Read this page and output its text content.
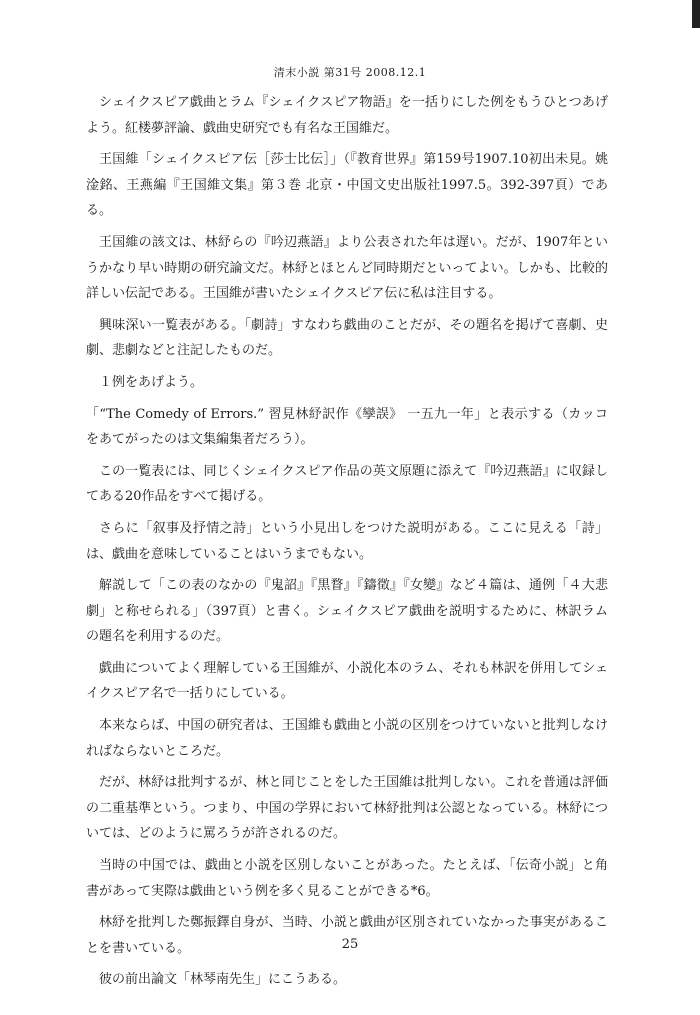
清末小説 第31号 2008.12.1

シェイクスピア戯曲とラム『シェイクスピア物語』を一括りにした例をもうひとつあげよう。紅楼夢評論、戯曲史研究でも有名な王国維だ。

王国維「シェイクスピア伝［莎士比伝］」（『教育世界』第159号1907.10初出未見。姚淦銘、王燕編『王国維文集』第３巻 北京・中国文史出版社1997.5。392-397頁）である。

王国維の該文は、林紓らの『吟辺燕語』より公表された年は遅い。だが、1907年というかなり早い時期の研究論文だ。林紓とほとんど同時期だといってよい。しかも、比較的詳しい伝記である。王国維が書いたシェイクスピア伝に私は注目する。

興味深い一覧表がある。「劇詩」すなわち戯曲のことだが、その題名を掲げて喜劇、史劇、悲劇などと注記したものだ。

１例をあげよう。

「“The Comedy of Errors.” 習見林紓訳作《孿誤》 一五九一年」と表示する（カッコをあてがったのは文集編集者だろう）。

この一覧表には、同じくシェイクスピア作品の英文原題に添えて『吟辺燕語』に収録してある20作品をすべて掲げる。

さらに「叙事及抒情之詩」という小見出しをつけた説明がある。ここに見える「詩」は、戯曲を意味していることはいうまでもない。

解説して「この表のなかの『鬼詔』『黒瞀』『鑄徵』『女變』など４篇は、通例「４大悲劇」と称せられる」（397頁）と書く。シェイクスピア戯曲を説明するために、林訳ラムの題名を利用するのだ。

戯曲についてよく理解している王国維が、小説化本のラム、それも林訳を併用してシェイクスピア名で一括りにしている。

本来ならば、中国の研究者は、王国維も戯曲と小説の区別をつけていないと批判しなければならないところだ。

だが、林紓は批判するが、林と同じことをした王国維は批判しない。これを普通は評価の二重基準という。つまり、中国の学界において林紓批判は公認となっている。林紓については、どのように罵ろうが許されるのだ。

当時の中国では、戯曲と小説を区別しないことがあった。たとえば、「伝奇小説」と角書があって実際は戯曲という例を多く見ることができる*6。

林紓を批判した鄭振鐸自身が、当時、小説と戯曲が区別されていなかった事実があることを書いている。

彼の前出論文「林琴南先生」にこうある。

25
